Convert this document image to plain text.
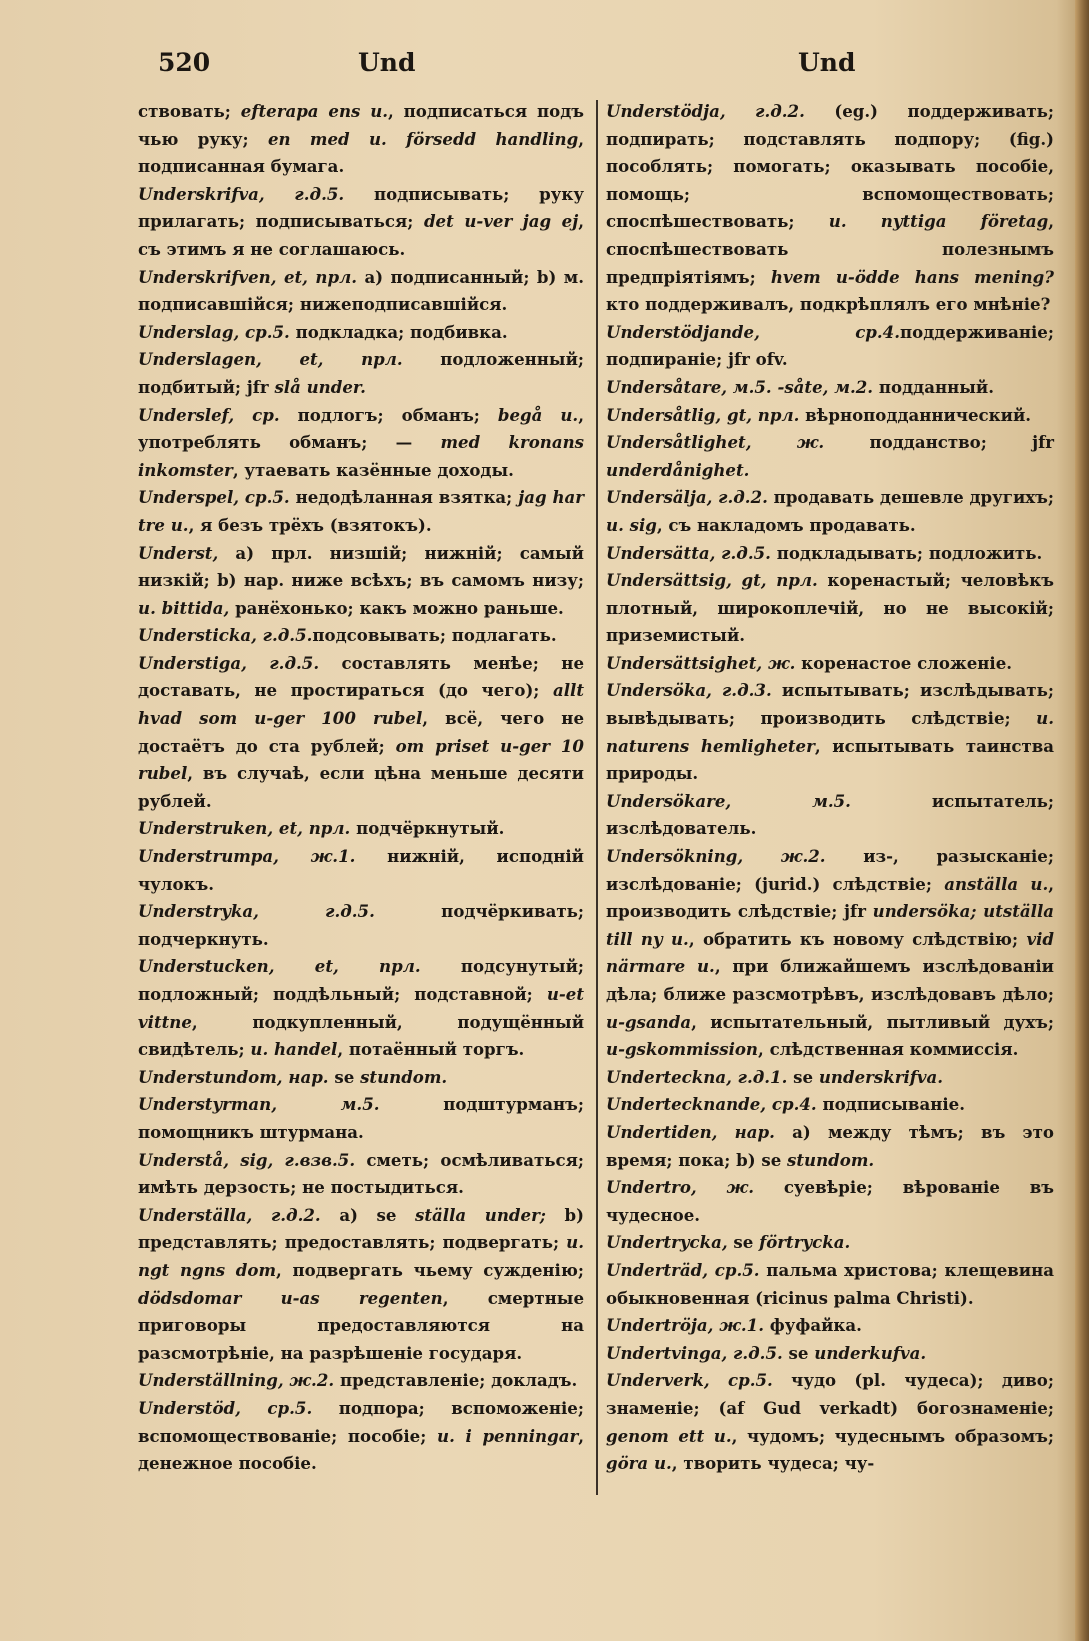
520	Und	Und

ствовать; efterapa ens u., подписаться подъ чью руку; en med u. försedd handling, подписанная бумага.

Underskrifva, г.д.5. подписывать; руку прилагать; подписываться; det u-ver jag ej, съ этимъ я не соглашаюсь.

Underskrifven, et, прл. а) подписанный; b) м. подписавшійся; нижеподписавшійся.

Underslag, ср.5. подкладка; подбивка.

Underslagen, et, прл. подложенный; подбитый; jfr slå under.

Underslef, ср. подлогъ; обманъ; begå u., употреблять обманъ; — med kronans inkomster, утаевать казённые доходы.

Underspel, ср.5. недодѣланная взятка; jag har tre u., я безъ трёхъ (взятокъ).

Underst, а) прл. низшій; нижній; самый низкій; b) нар. ниже всѣхъ; въ самомъ низу; u. bittida, ранёхонько; какъ можно раньше.

Understicka, г.д.5.подсовывать; подлагать.

Understiga, г.д.5. составлять менѣе; не доставать, не простираться (до чего); allt hvad som u-ger 100 rubel, всё, чего не достаётъ до ста рублей; om priset u-ger 10 rubel, въ случаѣ, если цѣна меньше десяти рублей.

Understruken, et, прл. подчёркнутый.

Understrumpa, ж.1. нижній, исподній чулокъ.

Understryka, г.д.5. подчёркивать; подчеркнуть.

Understucken, et, прл. подсунутый; подложный; поддѣльный; подставной; u-et vittne, подкупленный, подущённый свидѣтель; u. handel, потаённый торгъ.

Understundom, нар. se stundom.

Understyrman, м.5. подштурманъ; помощникъ штурмана.

Understå, sig, г.взв.5. сметь; осмѣливаться; имѣть дерзость; не постыдиться.

Underställa, г.д.2. а) se ställa under; b) представлять; предоставлять; подвергать; u. ngt ngns dom, подвергать чьему сужденію; dödsdomar u-as regenten, смертные приговоры предоставляются на разсмотрѣніе, на разрѣшеніе государя.

Underställning, ж.2. представленіе; докладъ.

Understöd, ср.5. подпора; вспоможеніе; вспомоществованіе; пособіе; u. i penningar, денежное пособіе.

Understödja, г.д.2. (eg.) поддерживать; подпирать; подставлять подпору; (fig.) пособлять; помогать; оказывать пособіе, помощь; вспомоществовать; споспѣшествовать; u. nyttiga företag, споспѣшествовать полезнымъ предпріятіямъ; hvem u-ödde hans mening? кто поддерживалъ, подкрѣплялъ его мнѣніе?

Understödjande, ср.4.поддерживаніе; подпираніе; jfr ofv.

Undersåtare, м.5. -såte, м.2. подданный.

Undersåtlig, gt, прл. вѣрноподданнический.

Undersåtlighet, ж. подданство; jfr underdånighet.

Undersälja, г.д.2. продавать дешевле другихъ; u. sig, съ накладомъ продавать.

Undersätta, г.д.5. подкладывать; подложить.

Undersättsig, gt, прл. коренастый; человѣкъ плотный, широкоплечій, но не высокій; приземистый.

Undersättsighet, ж. коренастое сложеніе.

Undersöka, г.д.3. испытывать; изслѣдывать; вывѣдывать; производить слѣдствіе; u. naturens hemligheter, испытывать таинства природы.

Undersökare, м.5. испытатель; изслѣдователь.

Undersökning, ж.2. из-, разысканіе; изслѣдованіе; (jurid.) слѣдствіе; anställa u., производить слѣдствіе; jfr undersöka; utställa till ny u., обратить къ новому слѣдствію; vid närmare u., при ближайшемъ изслѣдованіи дѣла; ближе разсмотрѣвъ, изслѣдовавъ дѣло; u-gsanda, испытательный, пытливый духъ; u-gskommission, слѣдственная коммиссія.

Underteckna, г.д.1. se underskrifva.

Undertecknande, ср.4. подписываніе.

Undertiden, нар. а) между тѣмъ; въ это время; пока; b) se stundom.

Undertro, ж. суевѣріе; вѣрованіе въ чудесное.

Undertrycka, se förtrycka.

Underträd, ср.5. пальма христова; клещевина обыкновенная (ricinus palma Christi).

Undertröja, ж.1. фуфайка.

Undertvinga, г.д.5. se underkufva.

Underverk, ср.5. чудо (pl. чудеса); диво; знаменіе; (af Gud verkadt) богознаменіе; genom ett u., чудомъ; чудеснымъ образомъ; göra u., творить чудеса; чу-
